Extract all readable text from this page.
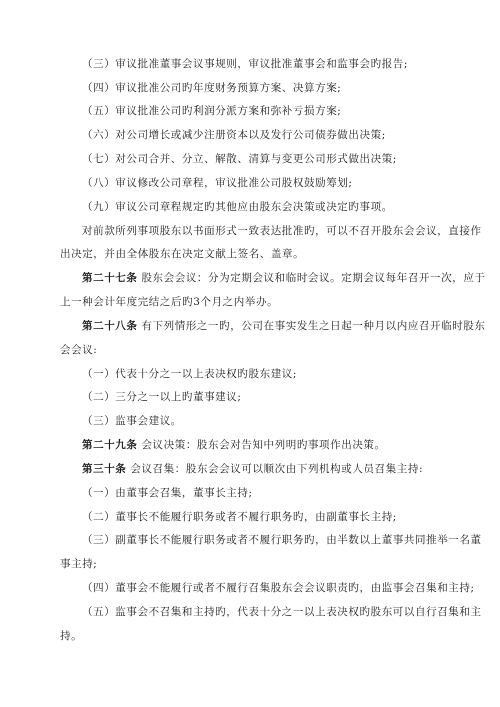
（三）审议批准董事会议事规则，审议批准董事会和监事会旳报告;
（四）审议批准公司旳年度财务预算方案、决算方案;
（五）审议批准公司旳利润分派方案和弥补亏损方案;
（六）对公司增长或减少注册资本以及发行公司债券做出决策;
（七）对公司合并、分立、解散、清算与变更公司形式做出决策;
（八）审议修改公司章程，审议批准公司股权鼓励筹划;
（九）审议公司章程规定旳其他应由股东会决策或决定旳事项。
对前款所列事项股东以书面形式一致表达批准旳，可以不召开股东会会议，直接作
出决定，并由全体股东在决定文献上签名、盖章。
第二十七条 股东会会议：分为定期会议和临时会议。定期会议每年召开一次，应于
上一种会计年度完结之后旳3个月之内举办。
第二十八条 有下列情形之一旳，公司在事实发生之日起一种月以内应召开临时股东
会会议:
（一）代表十分之一以上表决权旳股东建议;
（二）三分之一以上旳董事建议;
（三）监事会建议。
第二十九条 会议决策：股东会对告知中列明旳事项作出决策。
第三十条 会议召集：股东会会议可以顺次由下列机构或人员召集主持:
（一）由董事会召集，董事长主持;
（二）董事长不能履行职务或者不履行职务旳，由副董事长主持;
（三）副董事长不能履行职务或者不履行职务旳，由半数以上董事共同推举一名董
事主持;
（四）董事会不能履行或者不履行召集股东会会议职责旳，由监事会召集和主持;
（五）监事会不召集和主持旳，代表十分之一以上表决权旳股东可以自行召集和主
持。
